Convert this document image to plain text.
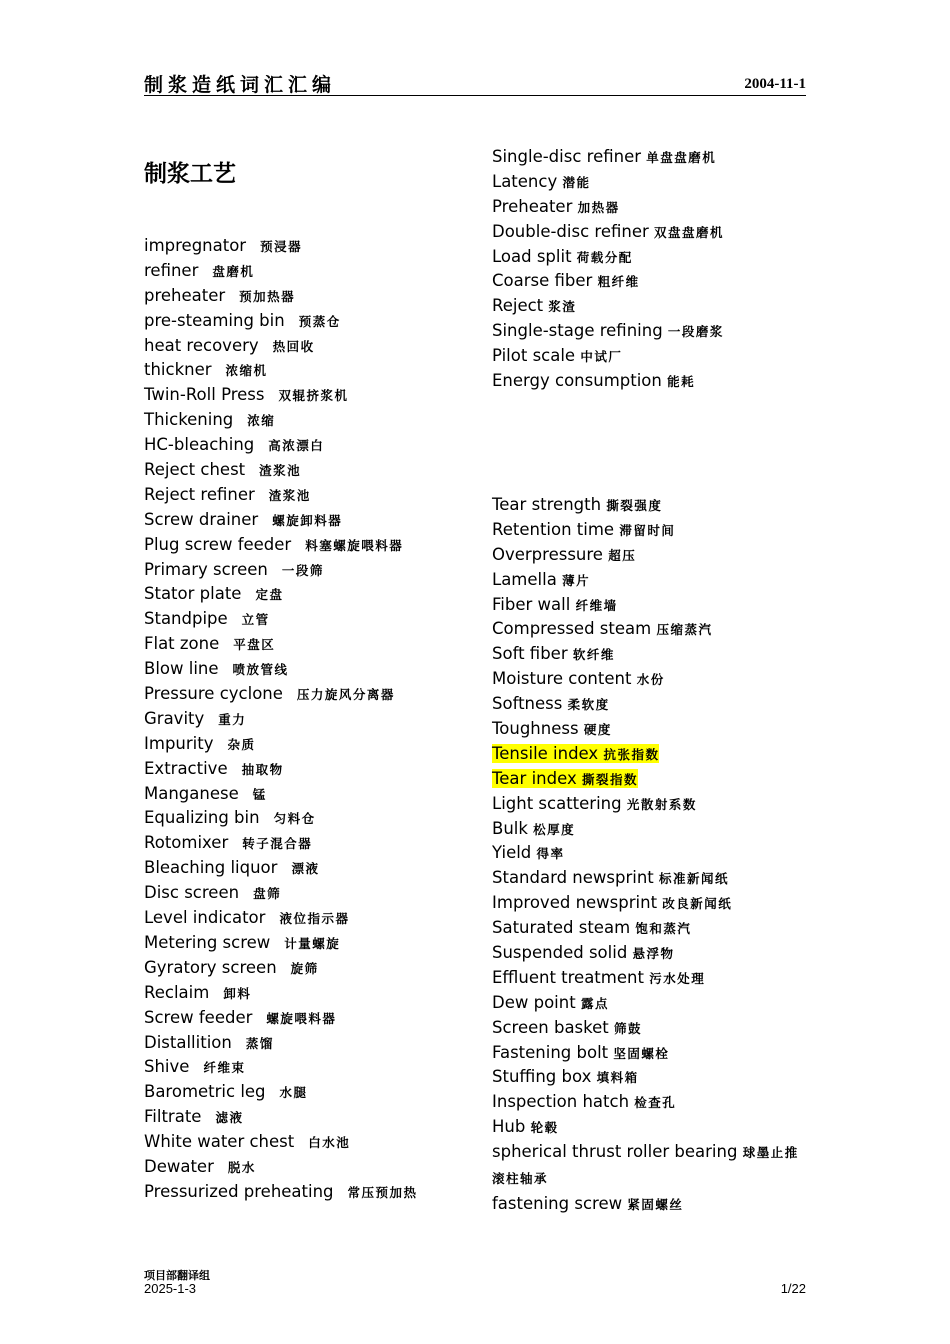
制浆造纸词汇汇编	2004-11-1
制浆工艺
impregnator 预浸器
refiner 盘磨机
preheater 预加热器
pre-steaming bin 预蒸仓
heat recovery 热回收
thickner 浓缩机
Twin-Roll Press 双辊挤浆机
Thickening 浓缩
HC-bleaching 高浓漂白
Reject chest 渣浆池
Reject refiner 渣浆池
Screw drainer 螺旋卸料器
Plug screw feeder 料塞螺旋喂料器
Primary screen 一段筛
Stator plate 定盘
Standpipe 立管
Flat zone 平盘区
Blow line 喷放管线
Pressure cyclone 压力旋风分离器
Gravity 重力
Impurity 杂质
Extractive 抽取物
Manganese 锰
Equalizing bin 匀料仓
Rotomixer 转子混合器
Bleaching liquor 漂液
Disc screen 盘筛
Level indicator 液位指示器
Metering screw 计量螺旋
Gyratory screen 旋筛
Reclaim 卸料
Screw feeder 螺旋喂料器
Distallition 蒸馏
Shive 纤维束
Barometric leg 水腿
Filtrate 滤液
White water chest 白水池
Dewater 脱水
Pressurized preheating 常压预加热
Single-disc refiner 单盘盘磨机
Latency 潜能
Preheater 加热器
Double-disc refiner 双盘盘磨机
Load split 荷载分配
Coarse fiber 粗纤维
Reject 浆渣
Single-stage refining 一段磨浆
Pilot scale 中试厂
Energy consumption 能耗
Tear strength 撕裂强度
Retention time 滞留时间
Overpressure 超压
Lamella 薄片
Fiber wall 纤维墙
Compressed steam 压缩蒸汽
Soft fiber 软纤维
Moisture content 水份
Softness 柔软度
Toughness 硬度
Tensile index 抗张指数
Tear index 撕裂指数
Light scattering 光散射系数
Bulk 松厚度
Yield 得率
Standard newsprint 标准新闻纸
Improved newsprint 改良新闻纸
Saturated steam 饱和蒸汽
Suspended solid 悬浮物
Effluent treatment 污水处理
Dew point 露点
Screen basket 筛鼓
Fastening bolt 坚固螺栓
Stuffing box 填料箱
Inspection hatch 检查孔
Hub 轮毂
spherical thrust roller bearing 球墨止推滚柱轴承
fastening screw 紧固螺丝
项目部翻译组
2025-1-3	1/22
